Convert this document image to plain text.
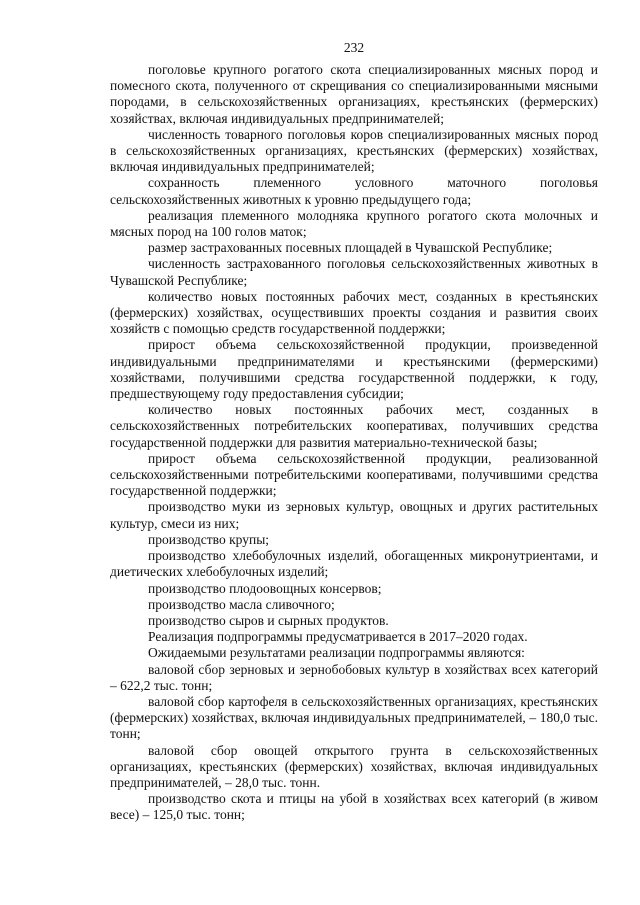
232

поголовье крупного рогатого скота специализированных мясных пород и помесного скота, полученного от скрещивания со специализированными мясными породами, в сельскохозяйственных организациях, крестьянских (фермерских) хозяйствах, включая индивидуальных предпринимателей;

численность товарного поголовья коров специализированных мясных пород в сельскохозяйственных организациях, крестьянских (фермерских) хозяйствах, включая индивидуальных предпринимателей;

сохранность племенного условного маточного поголовья сельскохозяйственных животных к уровню предыдущего года;

реализация племенного молодняка крупного рогатого скота молочных и мясных пород на 100 голов маток;

размер застрахованных посевных площадей в Чувашской Республике;

численность застрахованного поголовья сельскохозяйственных животных в Чувашской Республике;

количество новых постоянных рабочих мест, созданных в крестьянских (фермерских) хозяйствах, осуществивших проекты создания и развития своих хозяйств с помощью средств государственной поддержки;

прирост объема сельскохозяйственной продукции, произведенной индивидуальными предпринимателями и крестьянскими (фермерскими) хозяйствами, получившими средства государственной поддержки, к году, предшествующему году предоставления субсидии;

количество новых постоянных рабочих мест, созданных в сельскохозяйственных потребительских кооперативах, получивших средства государственной поддержки для развития материально-технической базы;

прирост объема сельскохозяйственной продукции, реализованной сельскохозяйственными потребительскими кооперативами, получившими средства государственной поддержки;

производство муки из зерновых культур, овощных и других растительных культур, смеси из них;

производство крупы;

производство хлебобулочных изделий, обогащенных микронутриентами, и диетических хлебобулочных изделий;

производство плодоовощных консервов;

производство масла сливочного;

производство сыров и сырных продуктов.

Реализация подпрограммы предусматривается в 2017–2020 годах.

Ожидаемыми результатами реализации подпрограммы являются:

валовой сбор зерновых и зернобобовых культур в хозяйствах всех категорий – 622,2 тыс. тонн;

валовой сбор картофеля в сельскохозяйственных организациях, крестьянских (фермерских) хозяйствах, включая индивидуальных предпринимателей, – 180,0 тыс. тонн;

валовой сбор овощей открытого грунта в сельскохозяйственных организациях, крестьянских (фермерских) хозяйствах, включая индивидуальных предпринимателей, – 28,0 тыс. тонн.

производство скота и птицы на убой в хозяйствах всех категорий (в живом весе) – 125,0 тыс. тонн;
